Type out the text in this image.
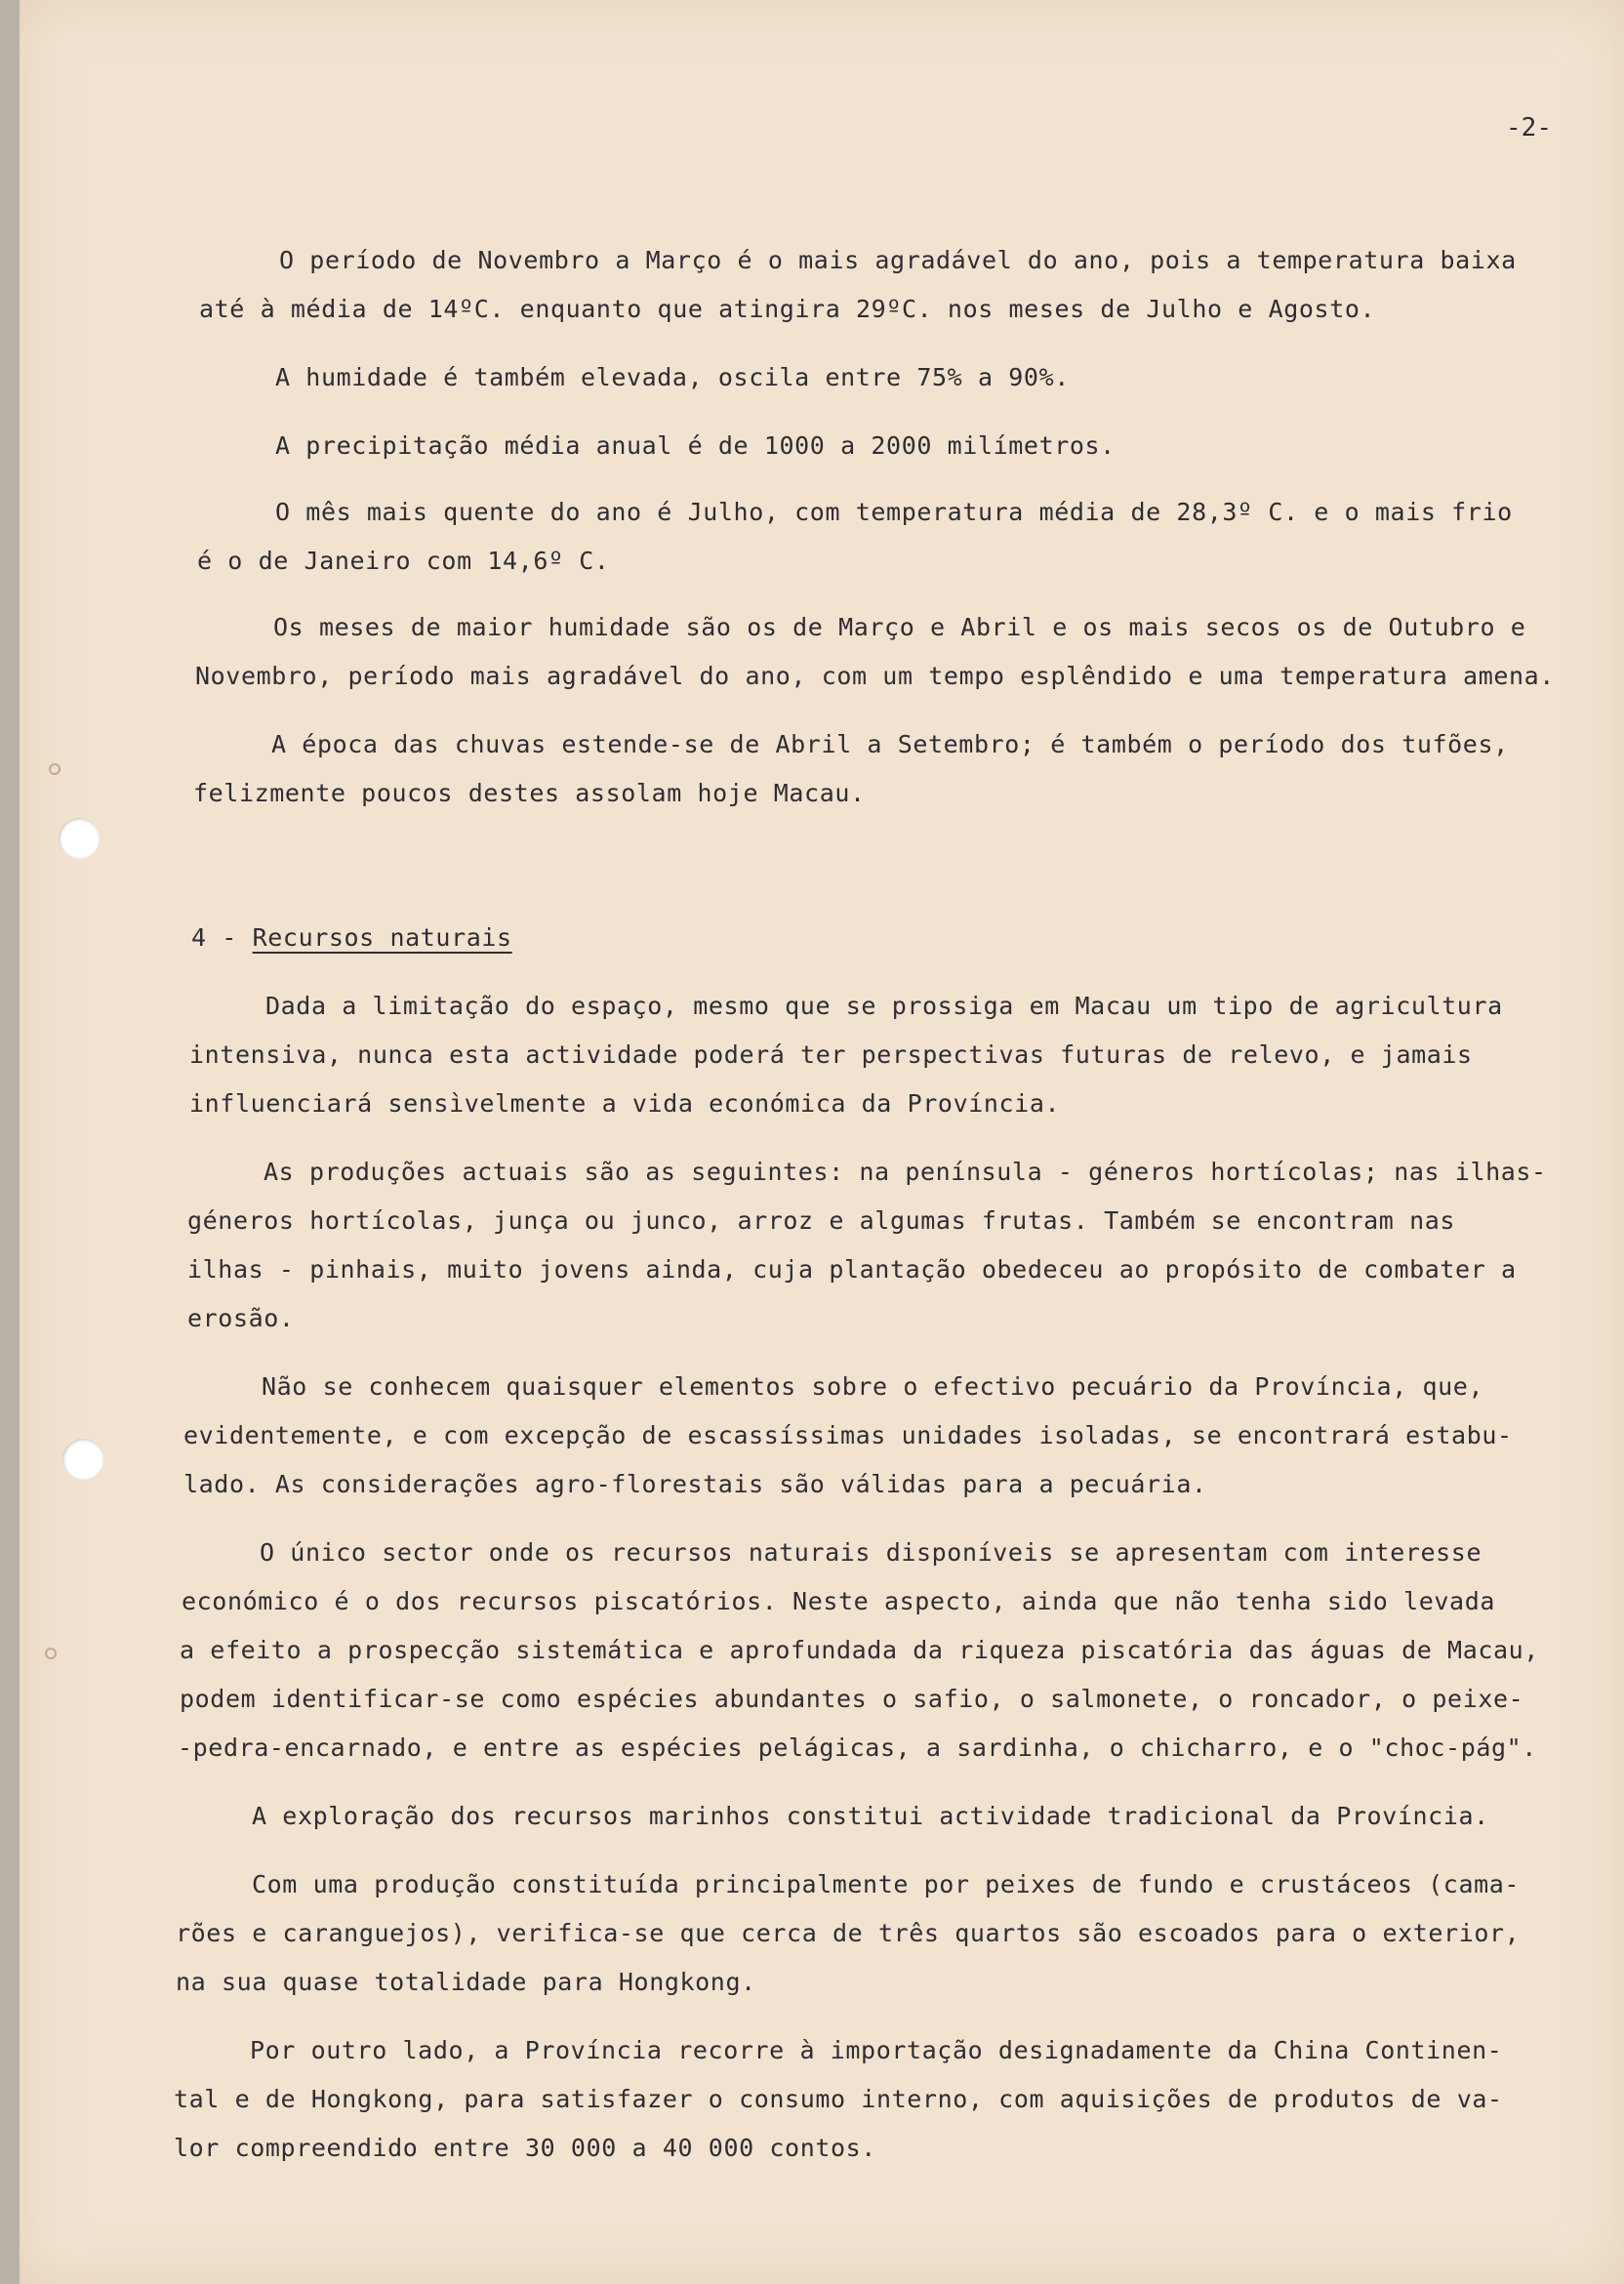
-2-
O período de Novembro a Março é o mais agradável do ano, pois a temperatura baixa
até à média de 14ºC. enquanto que atingira 29ºC. nos meses de Julho e Agosto.
A humidade é também elevada, oscila entre 75% a 90%.
A precipitação média anual é de 1000 a 2000 milímetros.
O mês mais quente do ano é Julho, com temperatura média de 28,3º C. e o mais frio
é o de Janeiro com 14,6º C.
Os meses de maior humidade são os de Março e Abril e os mais secos os de Outubro e
Novembro, período mais agradável do ano, com um tempo esplêndido e uma temperatura amena.
A época das chuvas estende-se de Abril a Setembro; é também o período dos tufões,
felizmente poucos destes assolam hoje Macau.
4 - Recursos naturais
Dada a limitação do espaço, mesmo que se prossiga em Macau um tipo de agricultura
intensiva, nunca esta actividade poderá ter perspectivas futuras de relevo, e jamais
influenciará sensìvelmente a vida económica da Província.
As produções actuais são as seguintes: na península - géneros hortícolas; nas ilhas-
géneros hortícolas, junça ou junco, arroz e algumas frutas. Também se encontram nas
ilhas - pinhais, muito jovens ainda, cuja plantação obedeceu ao propósito de combater a
erosão.
Não se conhecem quaisquer elementos sobre o efectivo pecuário da Província, que,
evidentemente, e com excepção de escassíssimas unidades isoladas, se encontrará estabu-
lado. As considerações agro-florestais são válidas para a pecuária.
O único sector onde os recursos naturais disponíveis se apresentam com interesse
económico é o dos recursos piscatórios. Neste aspecto, ainda que não tenha sido levada
a efeito a prospecção sistemática e aprofundada da riqueza piscatória das águas de Macau,
podem identificar-se como espécies abundantes o safio, o salmonete, o roncador, o peixe-
-pedra-encarnado, e entre as espécies pelágicas, a sardinha, o chicharro, e o "choc-pág".
A exploração dos recursos marinhos constitui actividade tradicional da Província.
Com uma produção constituída principalmente por peixes de fundo e crustáceos (cama-
rões e caranguejos), verifica-se que cerca de três quartos são escoados para o exterior,
na sua quase totalidade para Hongkong.
Por outro lado, a Província recorre à importação designadamente da China Continen-
tal e de Hongkong, para satisfazer o consumo interno, com aquisições de produtos de va-
lor compreendido entre 30 000 a 40 000 contos.
